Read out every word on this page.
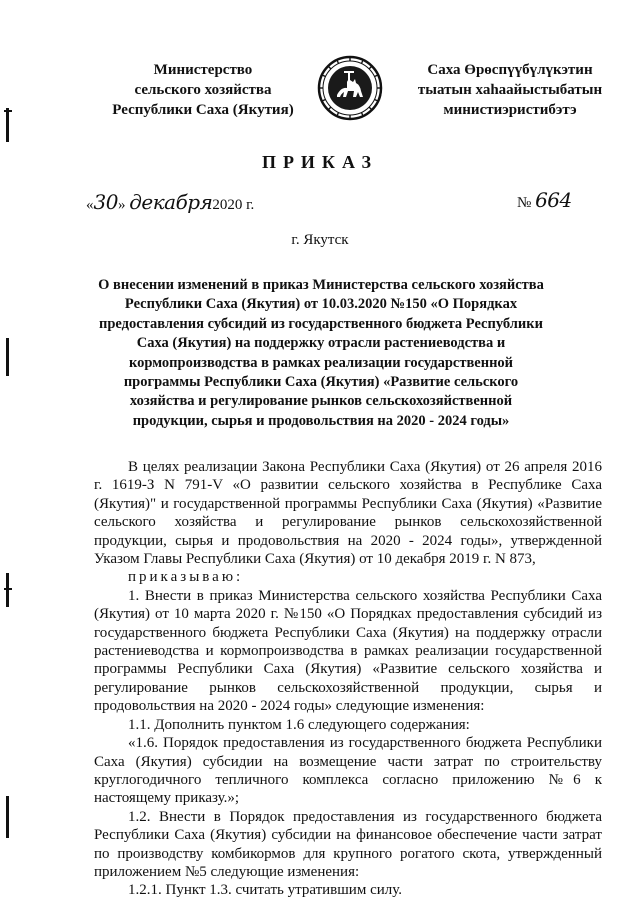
Министерство
сельского хозяйства
Республики Саха (Якутия)
Саха Өрөспүүбүлүкэтин
тыатын хаһаайыстыбатын
министиэристибэтэ
ПРИКАЗ
«30» декабря2020 г.	№ 664
г. Якутск
О внесении изменений в приказ Министерства сельского хозяйства Республики Саха (Якутия) от 10.03.2020 №150 «О Порядках предоставления субсидий из государственного бюджета Республики Саха (Якутия) на поддержку отрасли растениеводства и кормопроизводства в рамках реализации государственной программы Республики Саха (Якутия) «Развитие сельского хозяйства и регулирование рынков сельскохозяйственной продукции, сырья и продовольствия на 2020 - 2024 годы»

В целях реализации Закона Республики Саха (Якутия) от 26 апреля 2016 г. 1619-З N 791-V «О развитии сельского хозяйства в Республике Саха (Якутия)" и государственной программы Республики Саха (Якутия) «Развитие сельского хозяйства и регулирование рынков сельскохозяйственной продукции, сырья и продовольствия на 2020 - 2024 годы», утвержденной Указом Главы Республики Саха (Якутия) от 10 декабря 2019 г. N 873,

приказываю:

1. Внести в приказ Министерства сельского хозяйства Республики Саха (Якутия) от 10 марта 2020 г. №150 «О Порядках предоставления субсидий из государственного бюджета Республики Саха (Якутия) на поддержку отрасли растениеводства и кормопроизводства в рамках реализации государственной программы Республики Саха (Якутия) «Развитие сельского хозяйства и регулирование рынков сельскохозяйственной продукции, сырья и продовольствия на 2020 - 2024 годы» следующие изменения:

1.1. Дополнить пунктом 1.6 следующего содержания:

«1.6. Порядок предоставления из государственного бюджета Республики Саха (Якутия) субсидии на возмещение части затрат по строительству круглогодичного тепличного комплекса согласно приложению №6 к настоящему приказу.»;

1.2. Внести в Порядок предоставления из государственного бюджета Республики Саха (Якутия) субсидии на финансовое обеспечение части затрат по производству комбикормов для крупного рогатого скота, утвержденный приложением №5 следующие изменения:

1.2.1. Пункт 1.3. считать утратившим силу.
